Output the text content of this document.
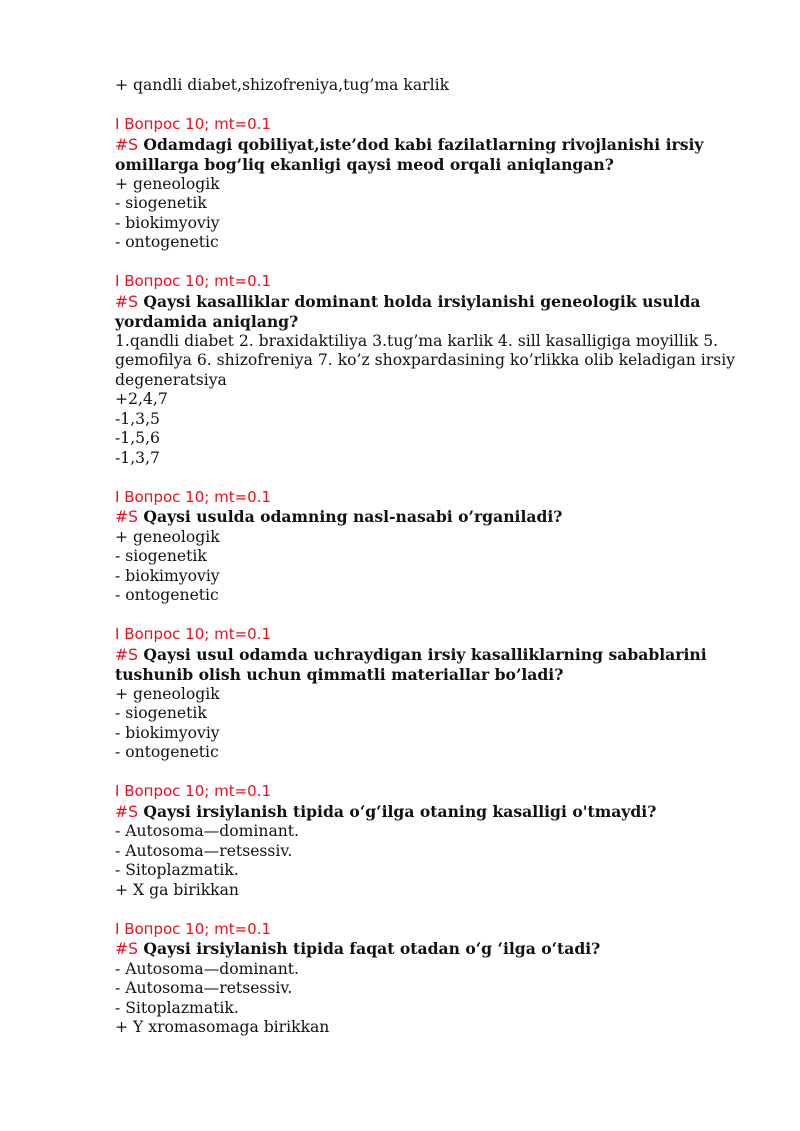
+ qandli diabet,shizofreniya,tug’ma karlik
I Вопрос 10; mt=0.1
#S Odamdagi qobiliyat,iste’dod kabi fazilatlarning rivojlanishi irsiy omillarga bog’liq ekanligi qaysi meod orqali aniqlangan?
+ geneologik
- siogenetik
- biokimyoviy
- ontogenetic
I Вопрос 10; mt=0.1
#S Qaysi kasalliklar dominant holda irsiylanishi geneologik usulda yordamida aniqlang?
1.qandli diabet 2. braxidaktiliya 3.tug’ma karlik 4. sill kasalligiga moyillik 5. gemofilya 6. shizofreniya 7. ko’z shoxpardasining ko’rlikka olib keladigan irsiy degeneratsiya
+2,4,7
-1,3,5
-1,5,6
-1,3,7
I Вопрос 10; mt=0.1
#S Qaysi usulda odamning nasl-nasabi o’rganiladi?
+ geneologik
- siogenetik
- biokimyoviy
- ontogenetic
I Вопрос 10; mt=0.1
#S Qaysi usul odamda uchraydigan irsiy kasalliklarning sabablarini tushunib olish uchun qimmatli materiallar bo’ladi?
+ geneologik
- siogenetik
- biokimyoviy
- ontogenetic
I Вопрос 10; mt=0.1
#S Qaysi irsiylanish tipida o‘g‘ilga otaning kasalligi o'tmaydi?
- Autosoma—dominant.
- Autosoma—retsessiv.
- Sitoplazmatik.
+ X ga birikkan
I Вопрос 10; mt=0.1
#S Qaysi irsiylanish tipida faqat otadan o‘g ‘ilga o‘tadi?
- Autosoma—dominant.
- Autosoma—retsessiv.
- Sitoplazmatik.
+ Y xromasomaga birikkan
